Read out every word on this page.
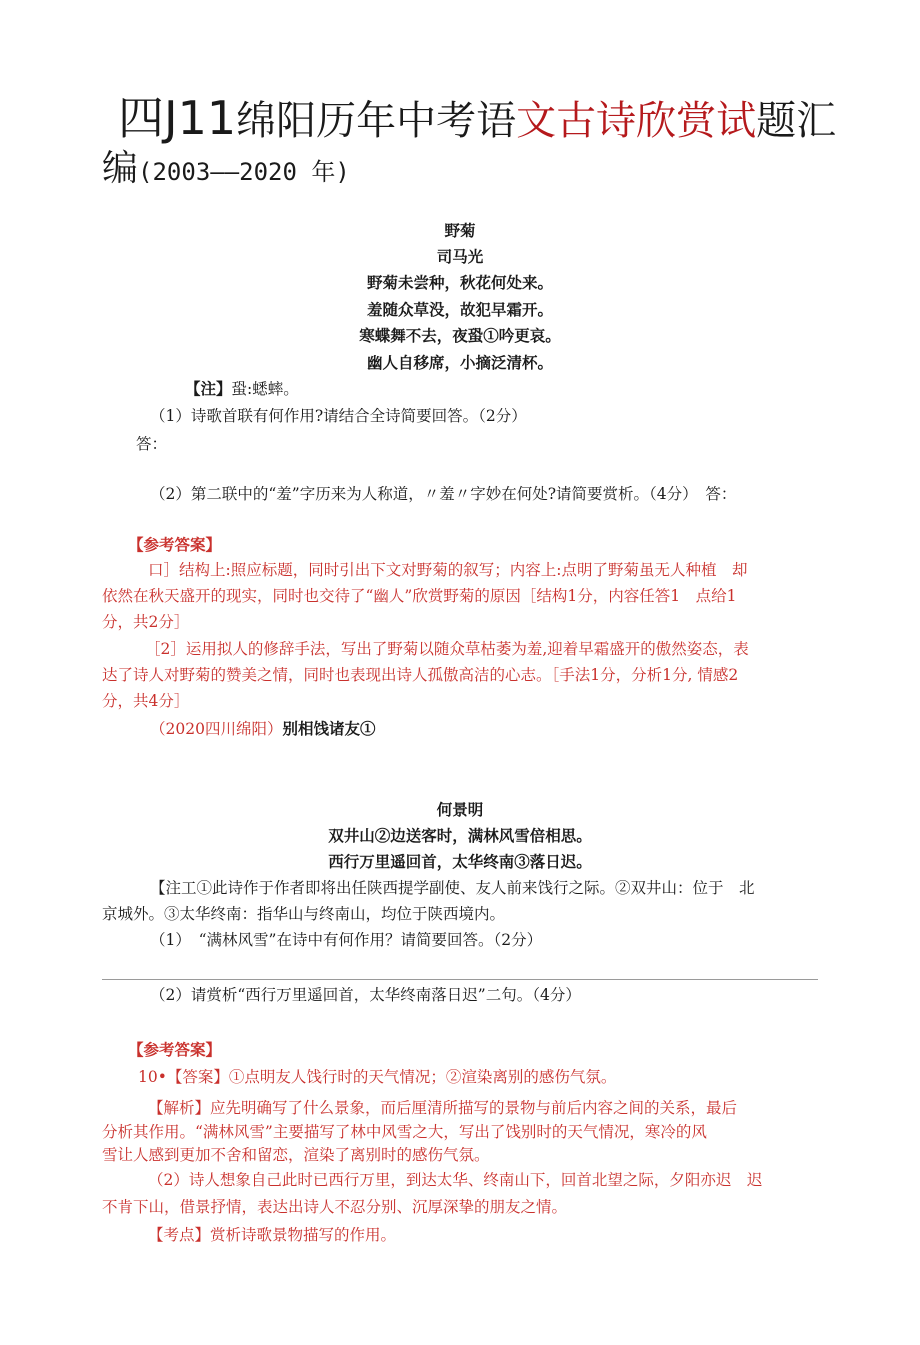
四J11绵阳历年中考语文古诗欣赏试题汇
编(2003——2020 年)
野菊
司马光
野菊未尝种，秋花何处来。
羞随众草没，故犯早霜开。
寒蝶舞不去，夜蛩①吟更哀。
幽人自移席，小摘泛清杯。
【注】蛩:蟋蟀。
（1）诗歌首联有何作用?请结合全诗简要回答。（2分）
答：
（2）第二联中的“羞”字历来为人称道，〃羞〃字妙在何处?请简要赏析。（4分）　答：
【参考答案】
口］结构上:照应标题，同时引出下文对野菊的叙写；内容上:点明了野菊虽无人种植　却
依然在秋天盛开的现实，同时也交待了“幽人”欣赏野菊的原因［结构1分，内容任答1　点给1
分，共2分］
［2］运用拟人的修辞手法，写出了野菊以随众草枯萎为羞,迎着早霜盛开的傲然姿态，表
达了诗人对野菊的赞美之情，同时也表现出诗人孤傲高洁的心志。［手法1分，分析1分, 情感2
分，共4分］
（2020四川绵阳）别相饯诸友①
何景明
双井山②边送客时，满林风雪倍相思。
西行万里遥回首，太华终南③落日迟。
【注工①此诗作于作者即将出任陕西提学副使、友人前来饯行之际。②双井山：位于　北
京城外。③太华终南：指华山与终南山，均位于陕西境内。
（1）　“满林风雪”在诗中有何作用？请简要回答。（2分）
（2）请赏析“西行万里遥回首，太华终南落日迟”二句。（4分）
【参考答案】
10•【答案】①点明友人饯行时的天气情况；②渲染离别的感伤气氛。
【解析】应先明确写了什么景象，而后厘清所描写的景物与前后内容之间的关系，最后
分析其作用。“满林风雪”主要描写了林中风雪之大，写出了饯别时的天气情况，寒冷的风
雪让人感到更加不舍和留恋，渲染了离别时的感伤气氛。
（2）诗人想象自己此时已西行万里，到达太华、终南山下，回首北望之际，夕阳亦迟　迟
不肯下山，借景抒情，表达出诗人不忍分别、沉厚深挚的朋友之情。
【考点】赏析诗歌景物描写的作用。
